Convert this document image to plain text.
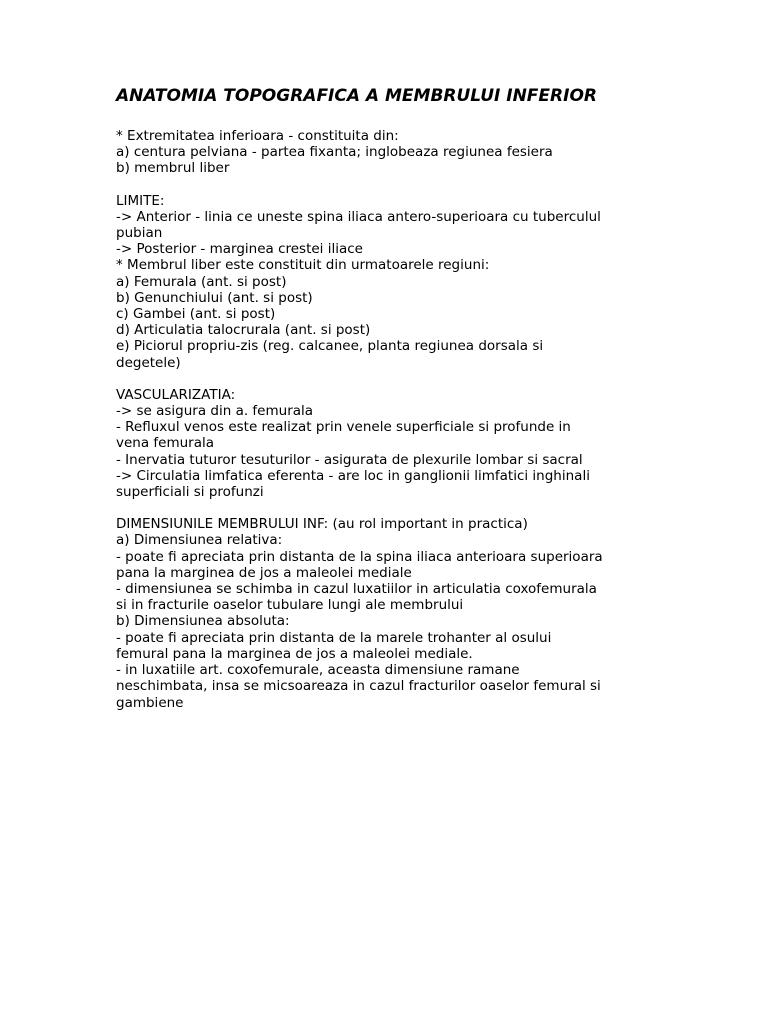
ANATOMIA TOPOGRAFICA A MEMBRULUI INFERIOR
* Extremitatea inferioara - constituita din:
a) centura pelviana - partea fixanta; inglobeaza regiunea fesiera
b) membrul liber
LIMITE:
-> Anterior - linia ce uneste spina iliaca antero-superioara cu tuberculul
pubian
-> Posterior - marginea crestei iliace
* Membrul liber este constituit din urmatoarele regiuni:
a) Femurala (ant. si post)
b) Genunchiului (ant. si post)
c) Gambei (ant. si post)
d) Articulatia talocrurala (ant. si post)
e) Piciorul propriu-zis (reg. calcanee, planta regiunea dorsala si
degetele)
VASCULARIZATIA:
-> se asigura din a. femurala
- Refluxul venos este realizat prin venele superficiale si profunde in
vena femurala
- Inervatia tuturor tesuturilor - asigurata de plexurile lombar si sacral
-> Circulatia limfatica eferenta - are loc in ganglionii limfatici inghinali
superficiali si profunzi
DIMENSIUNILE MEMBRULUI INF: (au rol important in practica)
a) Dimensiunea relativa:
- poate fi apreciata prin distanta de la spina iliaca anterioara superioara
pana la marginea de jos a maleolei mediale
- dimensiunea se schimba in cazul luxatiilor in articulatia coxofemurala
si in fracturile oaselor tubulare lungi ale membrului
b) Dimensiunea absoluta:
- poate fi apreciata prin distanta de la marele trohanter al osului
femural pana la marginea de jos a maleolei mediale.
- in luxatiile art. coxofemurale, aceasta dimensiune ramane
neschimbata, insa se micsoareaza in cazul fracturilor oaselor femural si
gambiene
